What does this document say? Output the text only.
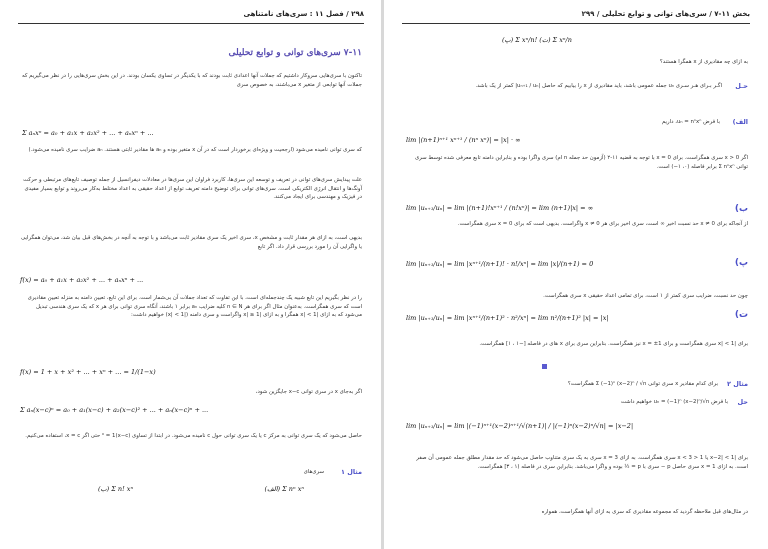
۲۹۸ / فصل ۱۱ : سری‌های نامتناهی
۷-۱۱ سری‌های توانی و توابع تحلیلی
تاکنون با سری‌هایی سروکار داشتیم که جملات آنها اعدادی ثابت بودند که با یکدیگر در تساوی یکسان بودند. در این بخش سری‌هایی را در نظر می‌گیریم که جملات آنها توابعی از متغیر x می‌باشند، به خصوص سری
Σ aₙxⁿ = a₀ + a₁x + a₂x² + ... + aₙxⁿ + ...
که سری توانی نامیده می‌شود (ارجحیت و ویژه‌ای برخوردار است که در آن x متغیر بوده و aₙ ها مقادیر ثابتی هستند. aₙ ضرایب سری نامیده می‌شود.)
علت پیدایش سری‌های توانی در تعریف و توسعه این سری‌ها، کاربرد فراوان این سری‌ها در معادلات دیفرانسیل از جمله توصیف تابع‌های مرتبطی و حرکت آونگ‌ها و انتقال انرژی الکتریکی است. سری‌های توانی برای توضیح دامنه تعریف توابع از اعداد حقیقی به اعداد مختلط به‌کار می‌روند و توابع بسیار مفیدی در فیزیک و مهندسی برای ایجاد می‌کنند.
بدیهی است، به ازای هر مقدار ثابت و مشخص x، سری اخیر یک سری مقادیر ثابت می‌باشد و با توجه به آنچه در بخش‌های قبل بیان شد، می‌توان همگرایی یا واگرایی آن را مورد بررسی قرار داد. اگر تابع
f(x) = a₀ + a₁x + a₂x² + ... + aₙxⁿ + ...
را در نظر بگیریم این تابع شبیه یک چندجمله‌ای است، با این تفاوت که تعداد جملات آن بی‌شمار است. برای این تابع، تعیین دامنه به منزله تعیین مقادیری است که سری همگراست. به‌عنوان مثال اگر برای هر n ∈ N کلیه ضرایب aₙ برابر ۱ باشند، آنگاه سری توانی برای هر x که یک سری هندسی تبدیل می‌شود که به ازای |x| < 1 همگرا و به ازای |x| ≥ 1 واگراست و سری دامنه (|x| < 1) خواهیم داشت:
f(x) = 1 + x + x² + ... + xⁿ + ... = 1/(1−x)
اگر به‌جای x در سری توانی x−c جایگزین شود،
Σ aₙ(x−c)ⁿ = a₀ + a₁(x−c) + a₂(x−c)² + ... + aₙ(x−c)ⁿ + ...
حاصل می‌شود که یک سری توانی به مرکز c یا یک سری توانی حول c نامیده می‌شود. در ابتدا از تساوی (x−c)⁰ = 1 حتی اگر x = c، استفاده می‌کنیم.
مثال ۱
سری‌های
(الف) Σ nⁿ xⁿ
(ب) Σ n! xⁿ
بخش ۱۱-۷ / سری‌های توانی و توابع تحلیلی / ۲۹۹
(پ) Σ xⁿ/n! (ت) Σ xⁿ/n
به ازای چه مقادیری از x همگرا هستند؟
حـل
اگـر بـرای هـر سـری uₙ جمله عمومی باشد، باید مقادیری از x را بیابیم که حاصل |uₙ₊₁ / uₙ| کمتر از یک باشد.
الف)
با فرض uₙ = nⁿxⁿ، داریم
lim |(n+1)ⁿ⁺¹ xⁿ⁺¹ / (nⁿ xⁿ)| = |x| · ∞
اگر x > 0 سری همگراست. برای x = 0 با توجه به قضیه ۱۱-۲ (آزمون حد جمله n ام) سری واگرا بوده و بنابراین دامنه تابع معرفی شده توسط سری توانی Σ nⁿxⁿ برابر فاصله (۰، ۱−) است.
ب)
lim |uₙ₊₁/uₙ| = lim |(n+1)!xⁿ⁺¹ / (n!xⁿ)| = lim (n+1)|x| = ∞
از آنجاکه برای x ≠ 0 حد نسبت اخیر ∞ است، سری اخیر برای هر x ≠ 0 واگراست. بدیهی است که برای x = 0 سری همگراست.
پ)
lim |uₙ₊₁/uₙ| = lim |xⁿ⁺¹/(n+1)! · n!/xⁿ| = lim |x|/(n+1) = 0
چون حد نسبت، ضرایب سری کمتر از ۱ است، برای تمامی اعداد حقیقی x سری همگراست.
ت)
lim |uₙ₊₁/uₙ| = lim |xⁿ⁺¹/(n+1)² · n²/xⁿ| = lim n²/(n+1)² |x| = |x|
برای |x| < 1 سری همگراست و برای x = ±1 نیز همگراست. بنابراین سری برای x های در فاصله [−۱ ، ۱] همگراست.
مثال ۲
برای کدام مقادیر x سری توانی Σ (−1)ⁿ (x−2)ⁿ / √n همگراست؟
حل
با فرض uₙ = (−1)ⁿ (x−2)ⁿ/√n خواهیم داشت
lim |uₙ₊₁/uₙ| = lim |(−1)ⁿ⁺¹(x−2)ⁿ⁺¹/√(n+1)| / |(−1)ⁿ(x−2)ⁿ/√n| = |x−2|
برای |x−2| < 1 یا 1 < x < 3 سری همگراست. به ازای x = 3 سری به یک سری متناوب حاصل می‌شود که حد مقدار مطلق جمله عمومی آن صفر است. به ازای x = 1 سری حاصل p − سری با p = ½ بوده و واگرا می‌باشد. بنابراین سری در فاصله (۱ ، ۳] همگراست.
در مثال‌های قبل ملاحظه گردید که مجموعه مقادیری که سری به ازای آنها همگراست، همواره
